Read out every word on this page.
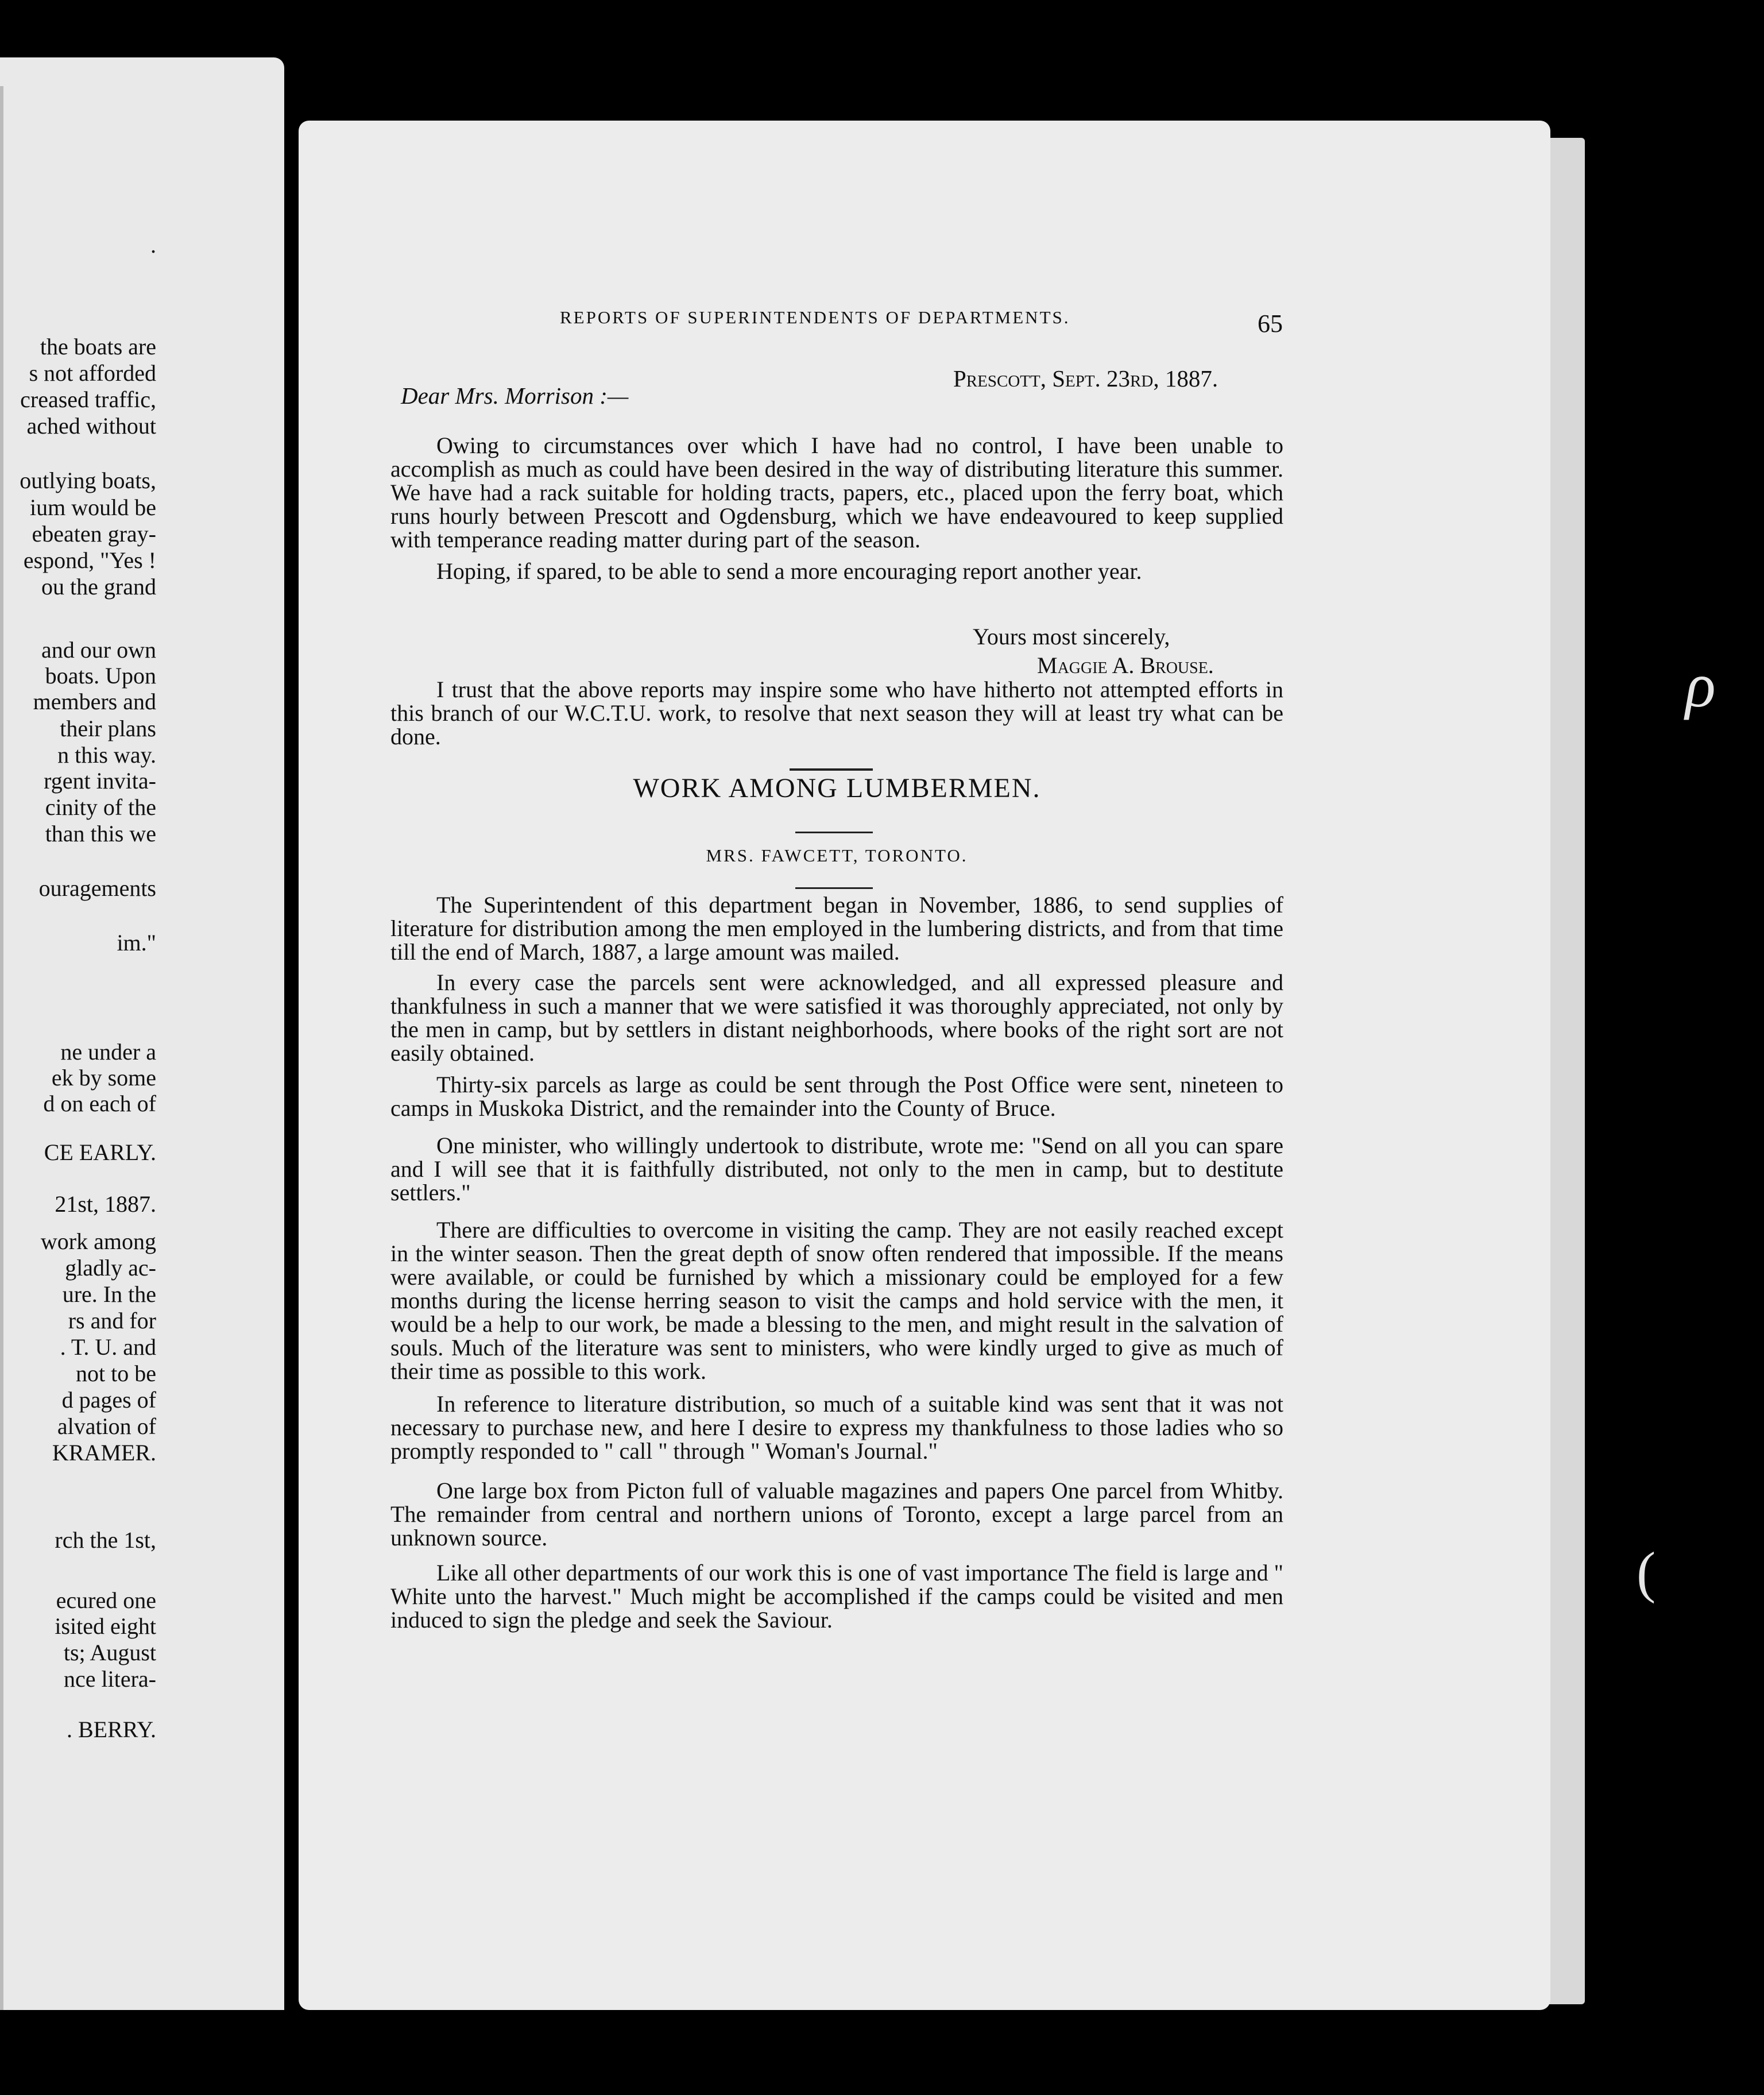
.
the boats are
s not afforded
creased traffic,
ached without
outlying boats,
ium would be
ebeaten gray-
espond, "Yes !
ou the grand
and our own
boats. Upon
members and
their plans
n this way.
rgent invita-
cinity of the
than this we
ouragements
im."
ne under a
ek by some
d on each of
CE EARLY.
21st, 1887.
work among
gladly ac-
ure. In the
rs and for
. T. U. and
not to be
d pages of
alvation of
KRAMER.
rch the 1st,
ecured one
isited eight
ts; August
nce litera-
. BERRY.
ρ
(
REPORTS OF SUPERINTENDENTS OF DEPARTMENTS.	65
Prescott, Sept. 23rd, 1887.
Dear Mrs. Morrison :—

Owing to circumstances over which I have had no control, I have been unable to accomplish as much as could have been desired in the way of distributing literature this summer. We have had a rack suitable for holding tracts, papers, etc., placed upon the ferry boat, which runs hourly between Prescott and Ogdensburg, which we have endeavoured to keep supplied with temperance reading matter during part of the season.

Hoping, if spared, to be able to send a more encouraging report another year.

Yours most sincerely,
Maggie A. Brouse.

I trust that the above reports may inspire some who have hitherto not attempted efforts in this branch of our W.C.T.U. work, to resolve that next season they will at least try what can be done.

WORK AMONG LUMBERMEN.
MRS. FAWCETT, TORONTO.

The Superintendent of this department began in November, 1886, to send supplies of literature for distribution among the men employed in the lumbering districts, and from that time till the end of March, 1887, a large amount was mailed.

In every case the parcels sent were acknowledged, and all expressed pleasure and thankfulness in such a manner that we were satisfied it was thoroughly appreciated, not only by the men in camp, but by settlers in distant neighborhoods, where books of the right sort are not easily obtained.

Thirty-six parcels as large as could be sent through the Post Office were sent, nineteen to camps in Muskoka District, and the remainder into the County of Bruce.

One minister, who willingly undertook to distribute, wrote me: "Send on all you can spare and I will see that it is faithfully distributed, not only to the men in camp, but to destitute settlers."

There are difficulties to overcome in visiting the camp. They are not easily reached except in the winter season. Then the great depth of snow often rendered that impossible. If the means were available, or could be furnished by which a missionary could be employed for a few months during the license herring season to visit the camps and hold service with the men, it would be a help to our work, be made a blessing to the men, and might result in the salvation of souls. Much of the literature was sent to ministers, who were kindly urged to give as much of their time as possible to this work.

In reference to literature distribution, so much of a suitable kind was sent that it was not necessary to purchase new, and here I desire to express my thankfulness to those ladies who so promptly responded to " call " through " Woman's Journal."

One large box from Picton full of valuable magazines and papers One parcel from Whitby. The remainder from central and northern unions of Toronto, except a large parcel from an unknown source.

Like all other departments of our work this is one of vast importance The field is large and " White unto the harvest." Much might be accomplished if the camps could be visited and men induced to sign the pledge and seek the Saviour.
